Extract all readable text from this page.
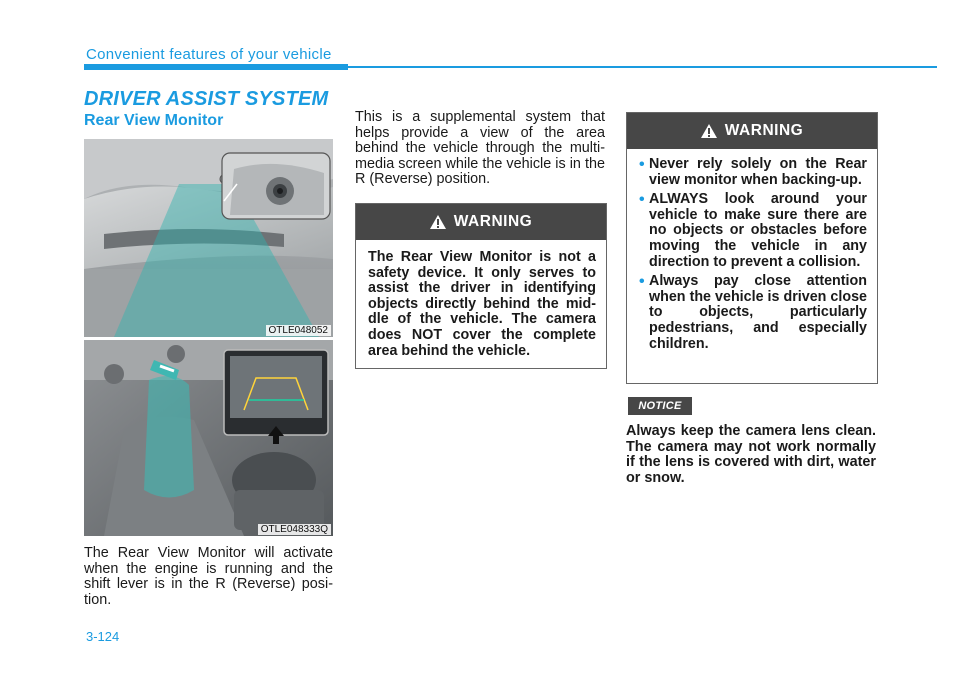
Convenient features of your vehicle
DRIVER ASSIST SYSTEM
Rear View Monitor
OTLE048052
OTLE048333Q
The Rear View Monitor will activate when the engine is running and the shift lever is in the R (Reverse) posi-tion.
This is a supplemental system that helps provide a view of the area behind the vehicle through the multi-media screen while the vehicle is in the R (Reverse) position.
WARNING
The Rear View Monitor is not a safety device. It only serves to assist the driver in identifying objects directly behind the mid-dle of the vehicle. The camera does NOT cover the complete area behind the vehicle.
WARNING
• Never rely solely on the Rear view monitor when backing-up.
• ALWAYS look around your vehicle to make sure there are no objects or obstacles before moving the vehicle in any direction to prevent a collision.
• Always pay close attention when the vehicle is driven close to objects, particularly pedestrians, and especially children.
NOTICE
Always keep the camera lens clean. The camera may not work normally if the lens is covered with dirt, water or snow.
3-124
